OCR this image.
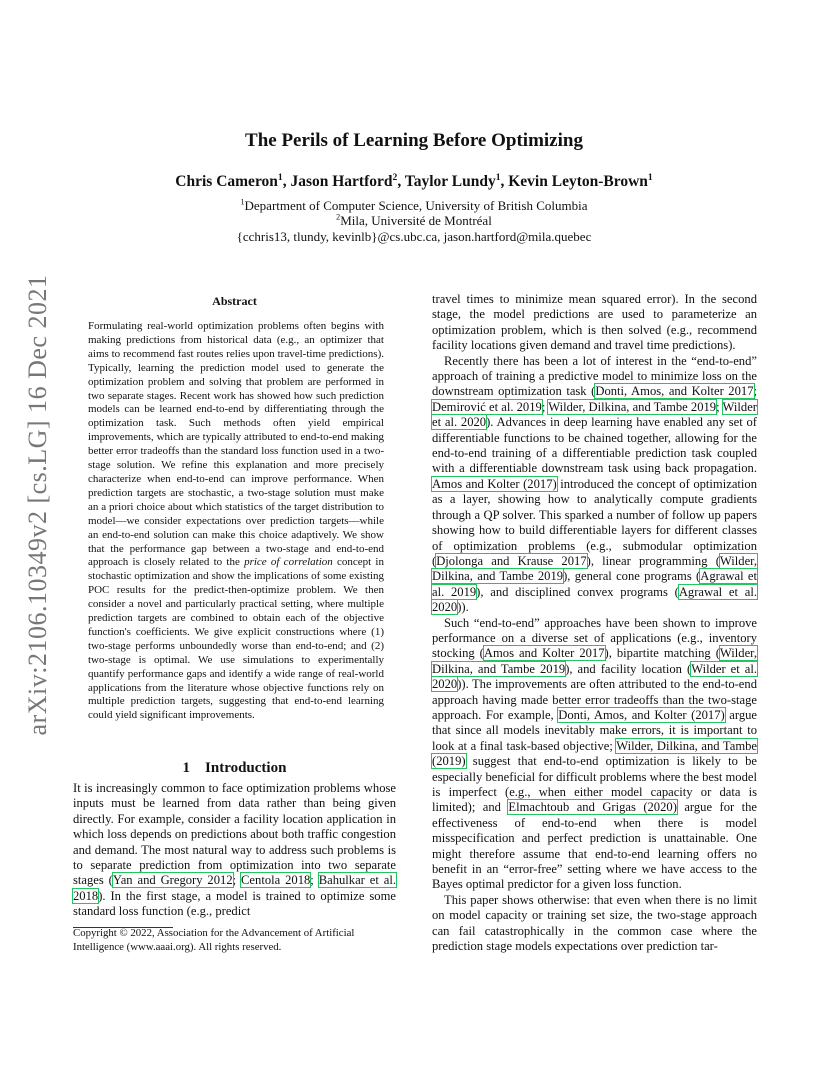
arXiv:2106.10349v2 [cs.LG] 16 Dec 2021
The Perils of Learning Before Optimizing
Chris Cameron$^1$, Jason Hartford$^2$, Taylor Lundy$^1$, Kevin Leyton-Brown$^1$
$^1$Department of Computer Science, University of British Columbia
$^2$Mila, Université de Montréal
{cchris13, tlundy, kevinlb}@cs.ubc.ca, jason.hartford@mila.quebec
Abstract
Formulating real-world optimization problems often begins with making predictions from historical data (e.g., an optimizer that aims to recommend fast routes relies upon travel-time predictions). Typically, learning the prediction model used to generate the optimization problem and solving that problem are performed in two separate stages. Recent work has showed how such prediction models can be learned end-to-end by differentiating through the optimization task. Such methods often yield empirical improvements, which are typically attributed to end-to-end making better error tradeoffs than the standard loss function used in a two-stage solution. We refine this explanation and more precisely characterize when end-to-end can improve performance. When prediction targets are stochastic, a two-stage solution must make an a priori choice about which statistics of the target distribution to model—we consider expectations over prediction targets—while an end-to-end solution can make this choice adaptively. We show that the performance gap between a two-stage and end-to-end approach is closely related to the price of correlation concept in stochastic optimization and show the implications of some existing POC results for the predict-then-optimize problem. We then consider a novel and particularly practical setting, where multiple prediction targets are combined to obtain each of the objective function's coefficients. We give explicit constructions where (1) two-stage performs unboundedly worse than end-to-end; and (2) two-stage is optimal. We use simulations to experimentally quantify performance gaps and identify a wide range of real-world applications from the literature whose objective functions rely on multiple prediction targets, suggesting that end-to-end learning could yield significant improvements.
1    Introduction
It is increasingly common to face optimization problems whose inputs must be learned from data rather than being given directly. For example, consider a facility location application in which loss depends on predictions about both traffic congestion and demand. The most natural way to address such problems is to separate prediction from optimization into two separate stages (Yan and Gregory 2012; Centola 2018; Bahulkar et al. 2018). In the first stage, a model is trained to optimize some standard loss function (e.g., predict
Copyright © 2022, Association for the Advancement of Artificial Intelligence (www.aaai.org). All rights reserved.

travel times to minimize mean squared error). In the second stage, the model predictions are used to parameterize an optimization problem, which is then solved (e.g., recommend facility locations given demand and travel time predictions).

Recently there has been a lot of interest in the “end-to-end” approach of training a predictive model to minimize loss on the downstream optimization task (Donti, Amos, and Kolter 2017; Demirović et al. 2019; Wilder, Dilkina, and Tambe 2019; Wilder et al. 2020). Advances in deep learning have enabled any set of differentiable functions to be chained together, allowing for the end-to-end training of a differentiable prediction task coupled with a differentiable downstream task using back propagation. Amos and Kolter (2017) introduced the concept of optimization as a layer, showing how to analytically compute gradients through a QP solver. This sparked a number of follow up papers showing how to build differentiable layers for different classes of optimization problems (e.g., submodular optimization (Djolonga and Krause 2017), linear programming (Wilder, Dilkina, and Tambe 2019), general cone programs (Agrawal et al. 2019), and disciplined convex programs (Agrawal et al. 2020)).

Such “end-to-end” approaches have been shown to improve performance on a diverse set of applications (e.g., inventory stocking (Amos and Kolter 2017), bipartite matching (Wilder, Dilkina, and Tambe 2019), and facility location (Wilder et al. 2020)). The improvements are often attributed to the end-to-end approach having made better error tradeoffs than the two-stage approach. For example, Donti, Amos, and Kolter (2017) argue that since all models inevitably make errors, it is important to look at a final task-based objective; Wilder, Dilkina, and Tambe (2019) suggest that end-to-end optimization is likely to be especially beneficial for difficult problems where the best model is imperfect (e.g., when either model capacity or data is limited); and Elmachtoub and Grigas (2020) argue for the effectiveness of end-to-end when there is model misspecification and perfect prediction is unattainable. One might therefore assume that end-to-end learning offers no benefit in an “error-free” setting where we have access to the Bayes optimal predictor for a given loss function.

This paper shows otherwise: that even when there is no limit on model capacity or training set size, the two-stage approach can fail catastrophically in the common case where the prediction stage models expectations over prediction tar-
